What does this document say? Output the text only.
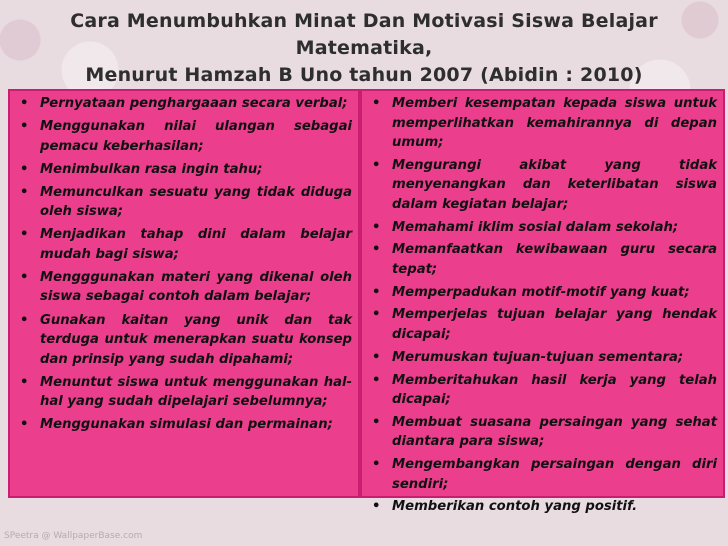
Cara Menumbuhkan Minat Dan Motivasi Siswa Belajar Matematika,
Menurut Hamzah B Uno tahun 2007 (Abidin : 2010)
• Pernyataan penghargaaan secara verbal;
• Menggunakan nilai ulangan sebagai pemacu keberhasilan;
• Menimbulkan rasa ingin tahu;
• Memunculkan sesuatu yang tidak diduga oleh siswa;
• Menjadikan tahap dini dalam belajar mudah bagi siswa;
• Mengggunakan materi yang dikenal oleh siswa sebagai contoh dalam belajar;
• Gunakan kaitan yang unik dan tak terduga untuk menerapkan suatu konsep dan prinsip yang sudah dipahami;
• Menuntut siswa untuk menggunakan hal-hal yang sudah dipelajari sebelumnya;
• Menggunakan simulasi dan permainan;
• Memberi kesempatan kepada siswa untuk memperlihatkan kemahirannya di depan umum;
• Mengurangi akibat yang tidak menyenangkan dan keterlibatan siswa dalam kegiatan belajar;
• Memahami iklim sosial dalam sekolah;
• Memanfaatkan kewibawaan guru secara tepat;
• Memperpadukan motif-motif yang kuat;
• Memperjelas tujuan belajar yang hendak dicapai;
• Merumuskan tujuan-tujuan sementara;
• Memberitahukan hasil kerja yang telah dicapai;
• Membuat suasana persaingan yang sehat diantara para siswa;
• Mengembangkan persaingan dengan diri sendiri;
• Memberikan contoh yang positif.
SPeetra @ WallpaperBase.com
